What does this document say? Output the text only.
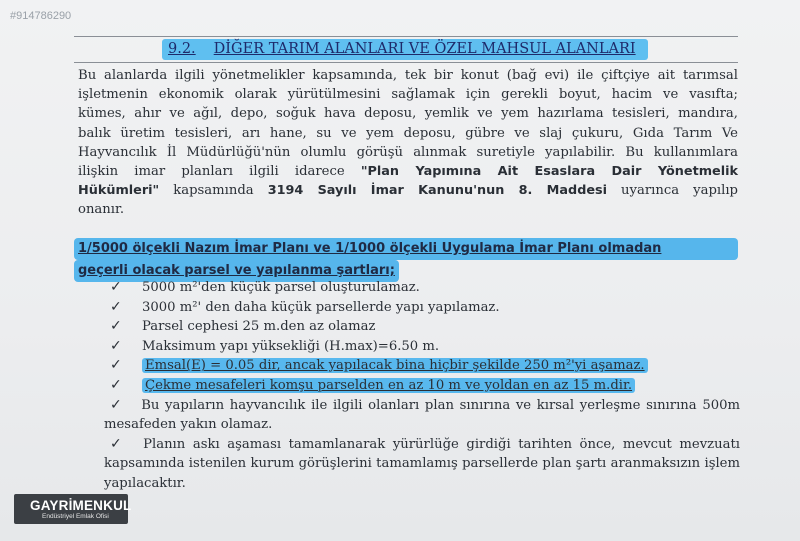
#914786290
9.2. DİĞER TARIM ALANLARI VE ÖZEL MAHSUL ALANLARI
Bu alanlarda ilgili yönetmelikler kapsamında, tek bir konut (bağ evi) ile çiftçiye ait tarımsal
işletmenin ekonomik olarak yürütülmesini sağlamak için gerekli boyut, hacim ve vasıfta;
kümes, ahır ve ağıl, depo, soğuk hava deposu, yemlik ve yem hazırlama tesisleri, mandıra,
balık üretim tesisleri, arı hane, su ve yem deposu, gübre ve slaj çukuru, Gıda Tarım Ve
Hayvancılık İl Müdürlüğü'nün olumlu görüşü alınmak suretiyle yapılabilir. Bu kullanımlara
ilişkin imar planları ilgili idarece "Plan Yapımına Ait Esaslara Dair Yönetmelik
Hükümleri" kapsamında 3194 Sayılı İmar Kanunu'nun 8. Maddesi uyarınca yapılıp
onanır.
1/5000 ölçekli Nazım İmar Planı ve 1/1000 ölçekli Uygulama İmar Planı olmadan
geçerli olacak parsel ve yapılanma şartları;
✓ 5000 m²'den küçük parsel oluşturulamaz.
✓ 3000 m²' den daha küçük parsellerde yapı yapılamaz.
✓ Parsel cephesi 25 m.den az olamaz
✓ Maksimum yapı yüksekliği (H.max)=6.50 m.
✓ Emsal(E) = 0.05 dir, ancak yapılacak bina hiçbir şekilde 250 m²'yi aşamaz.
✓ Çekme mesafeleri komşu parselden en az 10 m ve yoldan en az 15 m.dir.
✓ Bu yapıların hayvancılık ile ilgili olanları plan sınırına ve kırsal yerleşme sınırına 500m mesafeden yakın olamaz.
✓ Planın askı aşaması tamamlanarak yürürlüğe girdiği tarihten önce, mevcut mevzuatı kapsamında istenilen kurum görüşlerini tamamlamış parsellerde plan şartı aranmaksızın işlem yapılacaktır.
GAYRİMENKUL
Endüstriyel Emlak Ofisi
